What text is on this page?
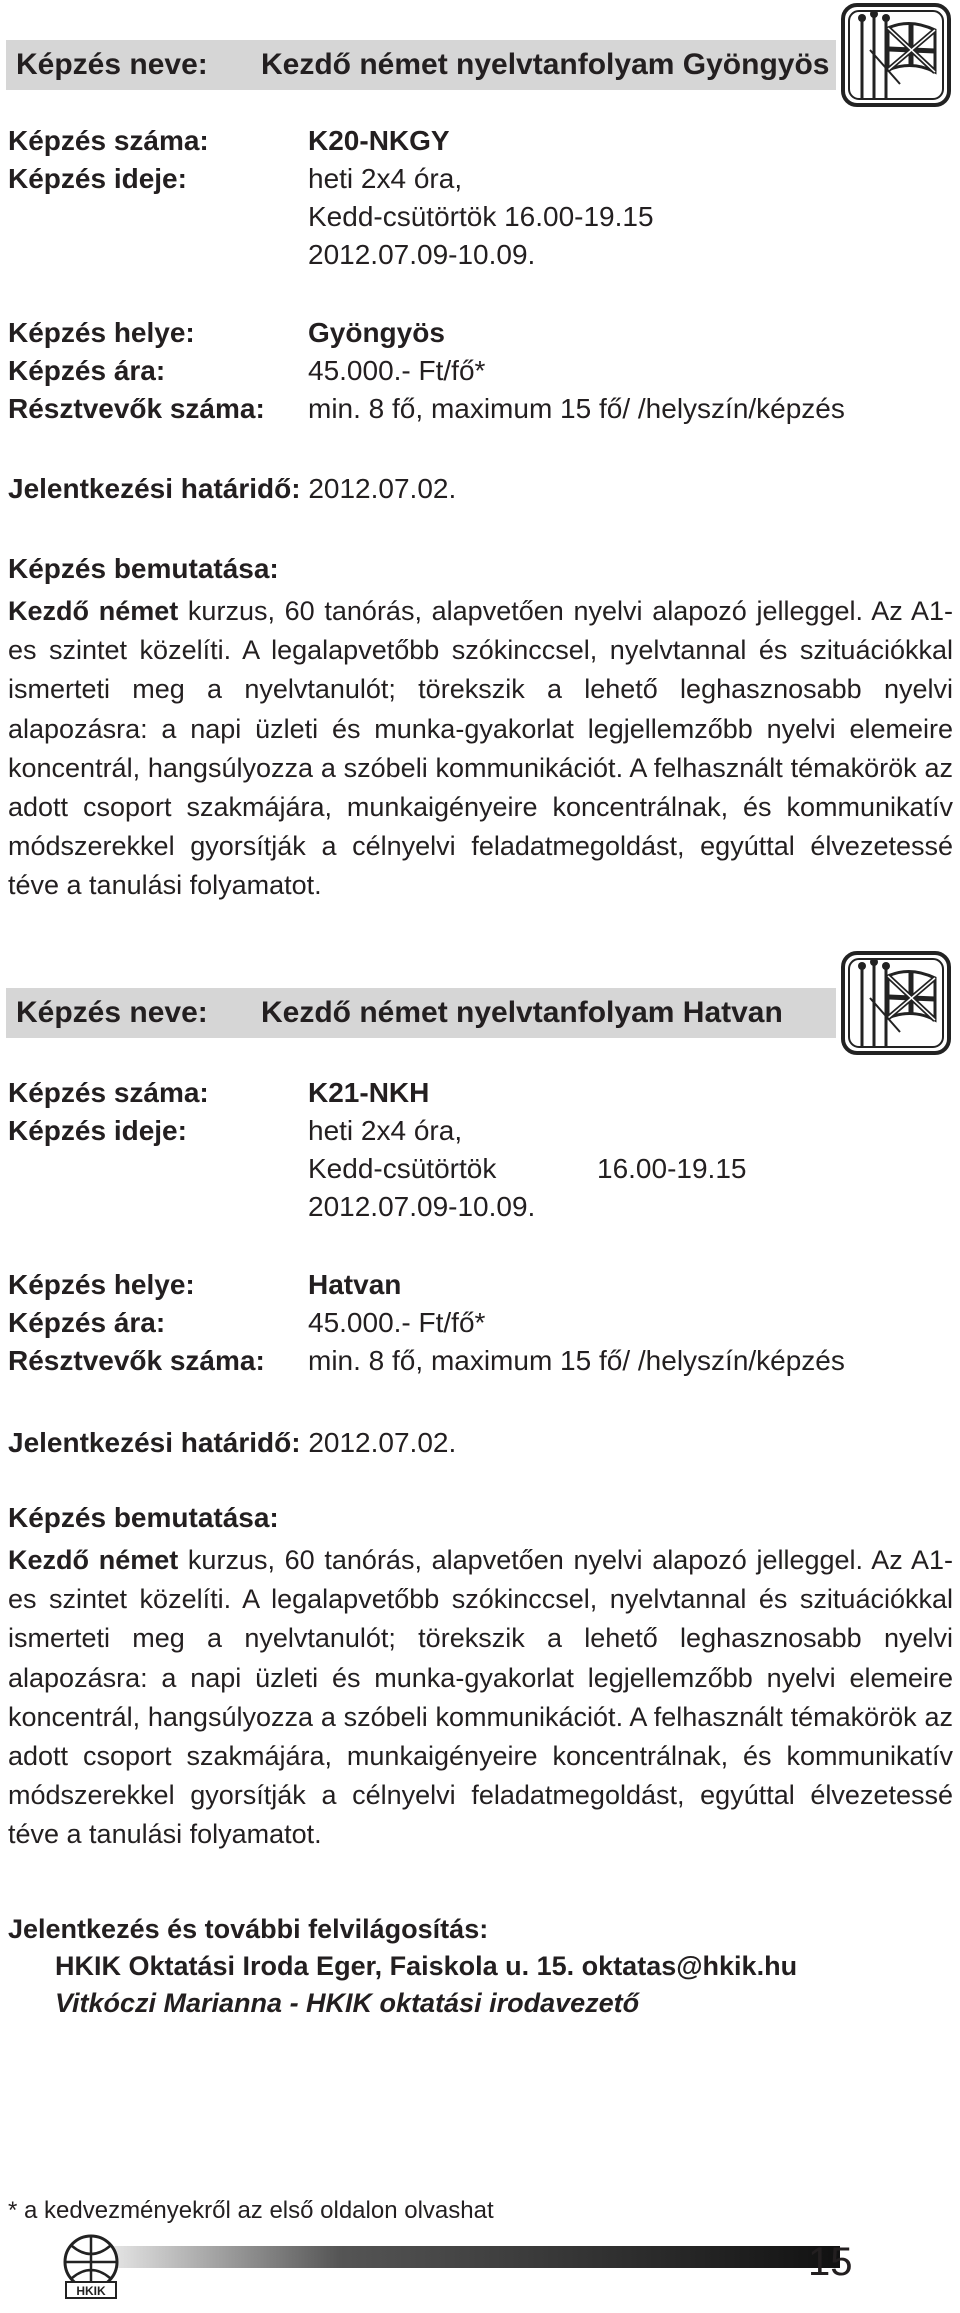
Képzés neve: Kezdő német nyelvtanfolyam Gyöngyös
Képzés száma:	K20-NKGY
Képzés ideje:	heti 2x4 óra,
Kedd-csütörtök 16.00-19.15
2012.07.09-10.09.
Képzés helye:	Gyöngyös
Képzés ára:	45.000.- Ft/fő*
Résztvevők száma:	min. 8 fő, maximum 15 fő/ /helyszín/képzés
Jelentkezési határidő: 2012.07.02.
Képzés bemutatása:

Kezdő német kurzus, 60 tanórás, alapvetően nyelvi alapozó jelleggel. Az A1-es szintet közelíti. A legalapvetőbb szókinccsel, nyelvtannal és szituációkkal ismerteti meg a nyelvtanulót; törekszik a lehető leghasznosabb nyelvi alapozásra: a napi üzleti és munka-gyakorlat legjellemzőbb nyelvi elemeire koncentrál, hangsúlyozza a szóbeli kommunikációt. A felhasznált témakörök az adott csoport szakmájára, munkaigényeire koncentrálnak, és kommunikatív módszerekkel gyorsítják a célnyelvi feladatmegoldást, egyúttal élvezetessé téve a tanulási folyamatot.

Képzés neve: Kezdő német nyelvtanfolyam Hatvan
Képzés száma:	K21-NKH
Képzés ideje:	heti 2x4 óra,
Kedd-csütörtök	16.00-19.15
2012.07.09-10.09.
Képzés helye:	Hatvan
Képzés ára:	45.000.- Ft/fő*
Résztvevők száma:	min. 8 fő, maximum 15 fő/ /helyszín/képzés
Jelentkezési határidő: 2012.07.02.
Képzés bemutatása:

Kezdő német kurzus, 60 tanórás, alapvetően nyelvi alapozó jelleggel. Az A1-es szintet közelíti. A legalapvetőbb szókinccsel, nyelvtannal és szituációkkal ismerteti meg a nyelvtanulót; törekszik a lehető leghasznosabb nyelvi alapozásra: a napi üzleti és munka-gyakorlat legjellemzőbb nyelvi elemeire koncentrál, hangsúlyozza a szóbeli kommunikációt. A felhasznált témakörök az adott csoport szakmájára, munkaigényeire koncentrálnak, és kommunikatív módszerekkel gyorsítják a célnyelvi feladatmegoldást, egyúttal élvezetessé téve a tanulási folyamatot.

Jelentkezés és további felvilágosítás:
HKIK Oktatási Iroda Eger, Faiskola u. 15. oktatas@hkik.hu
Vitkóczi Marianna - HKIK oktatási irodavezető
* a kedvezményekről az első oldalon olvashat
HKIK
15
